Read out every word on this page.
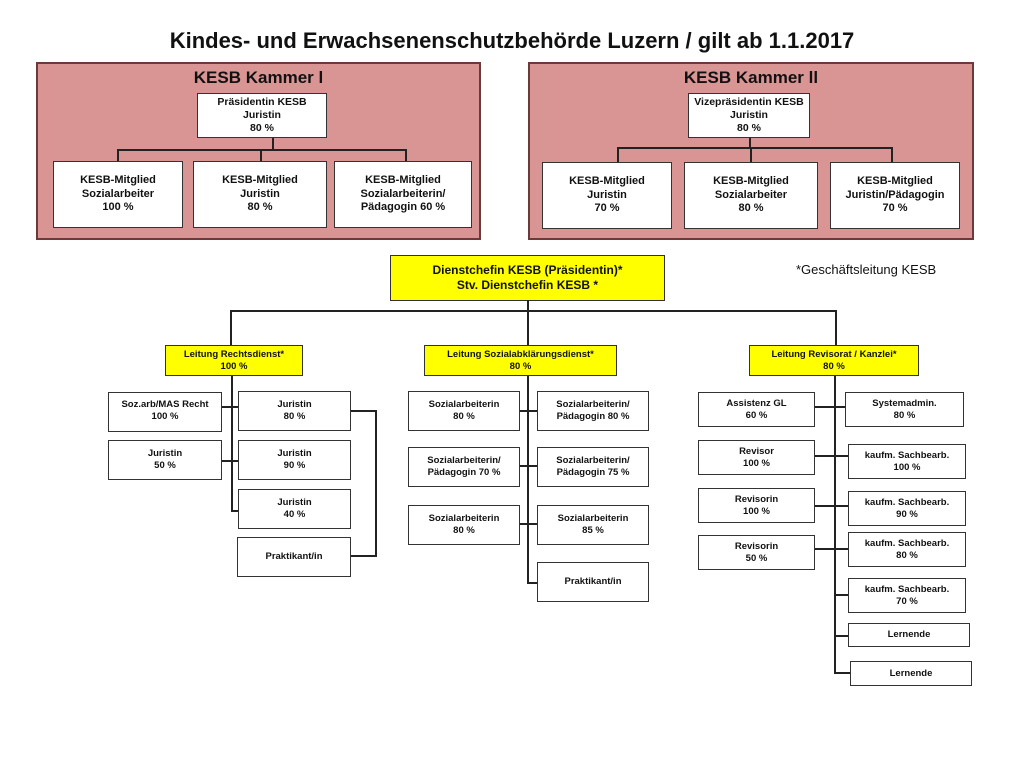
Kindes- und Erwachsenenschutzbehörde Luzern / gilt ab 1.1.2017
KESB Kammer l	KESB Kammer ll
Präsidentin KESB
Juristin
80 %
KESB-Mitglied
Sozialarbeiter
100 %
KESB-Mitglied
Juristin
80 %
KESB-Mitglied
Sozialarbeiterin/
Pädagogin 60 %
Vizepräsidentin KESB
Juristin
80 %
KESB-Mitglied
Juristin
70 %
KESB-Mitglied
Sozialarbeiter
80 %
KESB-Mitglied
Juristin/Pädagogin
70 %
Dienstchefin KESB (Präsidentin)*
Stv. Dienstchefin KESB *
*Geschäftsleitung KESB
Leitung Rechtsdienst*
100 %
Leitung Sozialabklärungsdienst*
80 %
Leitung Revisorat / Kanzlei*
80 %
Soz.arb/MAS Recht
100 %
Juristin
50 %
Juristin
80 %
Juristin
90 %
Juristin
40 %
Praktikant/in
Sozialarbeiterin
80 %
Sozialarbeiterin/
Pädagogin 70 %
Sozialarbeiterin
80 %
Sozialarbeiterin/
Pädagogin 80 %
Sozialarbeiterin/
Pädagogin 75 %
Sozialarbeiterin
85 %
Praktikant/in
Assistenz GL
60 %
Revisor
100 %
Revisorin
100 %
Revisorin
50 %
Systemadmin.
80 %
kaufm. Sachbearb.
100 %
kaufm. Sachbearb.
90 %
kaufm. Sachbearb.
80 %
kaufm. Sachbearb.
70 %
Lernende
Lernende
